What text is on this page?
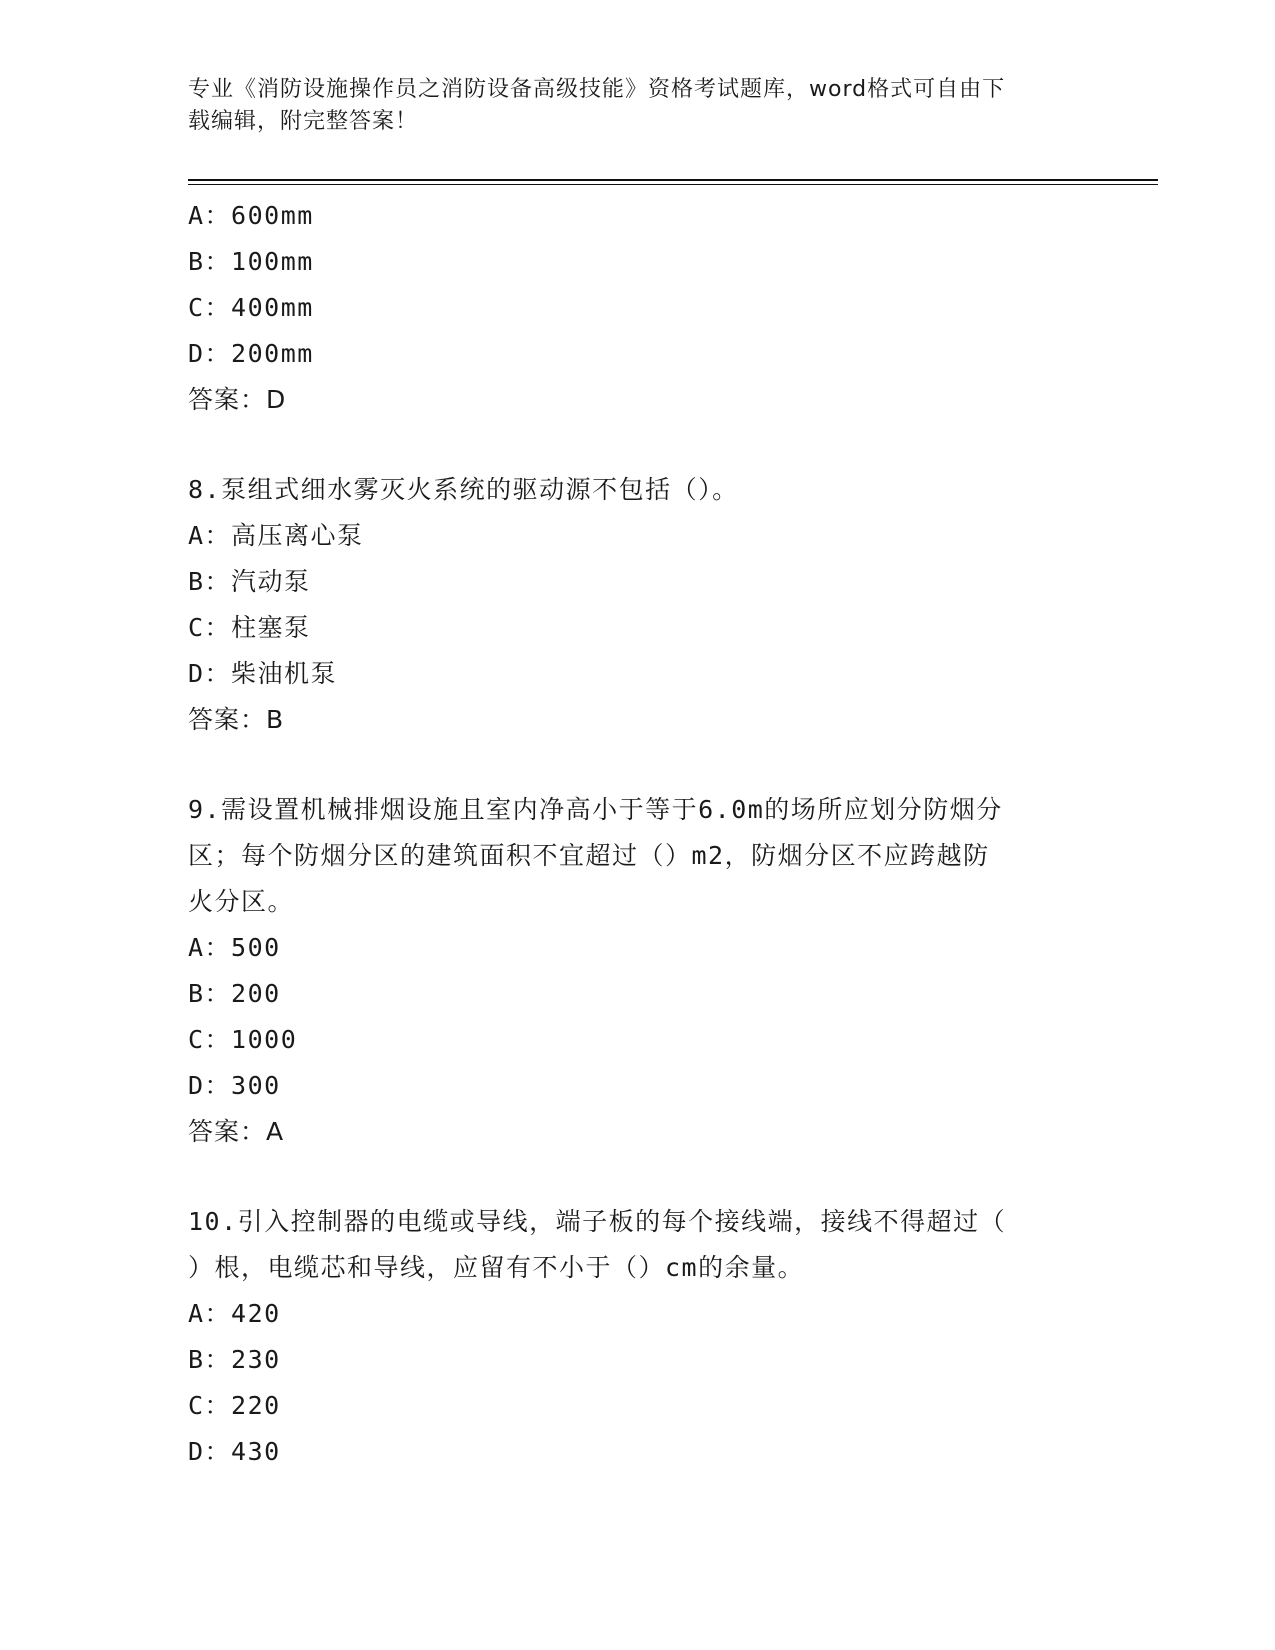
专业《消防设施操作员之消防设备高级技能》资格考试题库，word格式可自由下
载编辑，附完整答案！
A：600mm
B：100mm
C：400mm
D：200mm
答案：D
8.泵组式细水雾灭火系统的驱动源不包括（）。
A：高压离心泵
B：汽动泵
C：柱塞泵
D：柴油机泵
答案：B
9.需设置机械排烟设施且室内净高小于等于6.0m的场所应划分防烟分
区；每个防烟分区的建筑面积不宜超过（）m2，防烟分区不应跨越防
火分区。
A：500
B：200
C：1000
D：300
答案：A
10.引入控制器的电缆或导线，端子板的每个接线端，接线不得超过（
）根，电缆芯和导线，应留有不小于（）cm的余量。
A：420
B：230
C：220
D：430
